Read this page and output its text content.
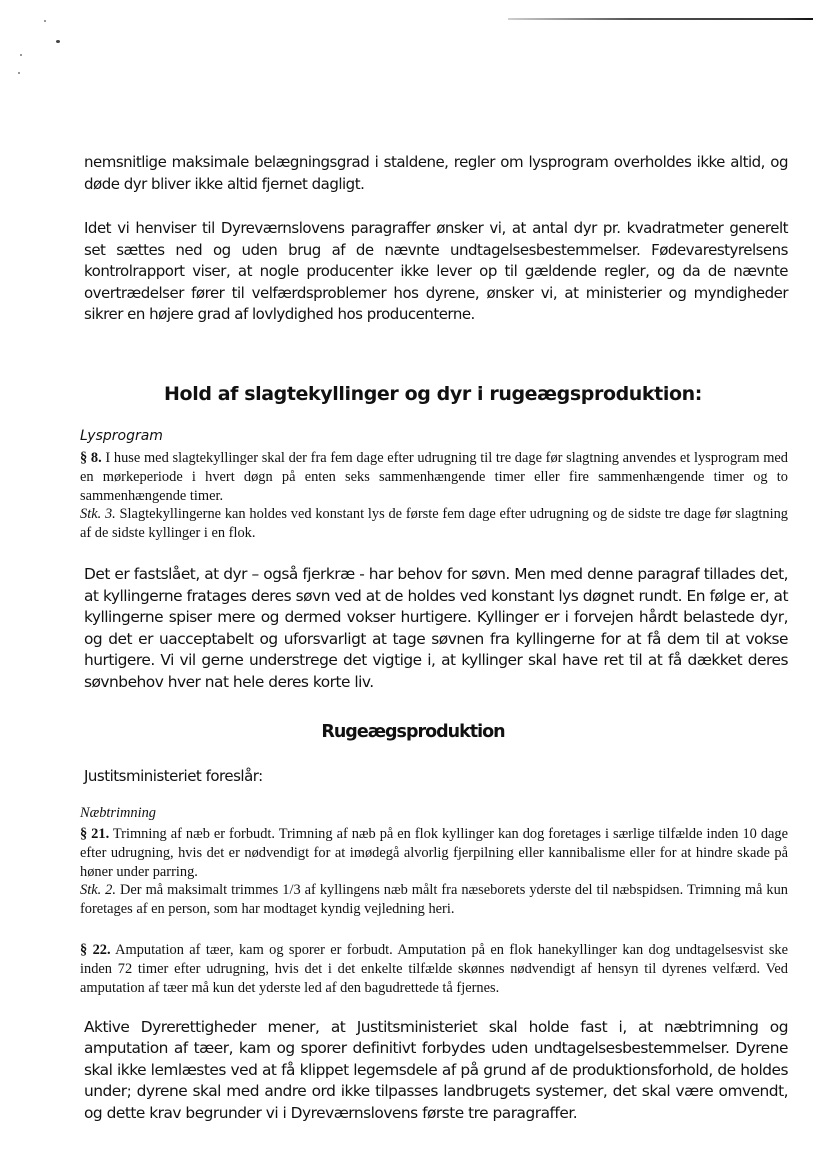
nemsnitlige maksimale belægningsgrad i staldene, regler om lysprogram overholdes ikke altid, og døde dyr bliver ikke altid fjernet dagligt.

Idet vi henviser til Dyreværnslovens paragraffer ønsker vi, at antal dyr pr. kvadratmeter generelt set sættes ned og uden brug af de nævnte undtagelsesbestemmelser. Fødevarestyrelsens kontrolrapport viser, at nogle producenter ikke lever op til gældende regler, og da de nævnte overtrædelser fører til velfærdsproblemer hos dyrene, ønsker vi, at ministerier og myndigheder sikrer en højere grad af lovlydighed hos producenterne.

Hold af slagtekyllinger og dyr i rugeægsproduktion:
Lysprogram

§ 8. I huse med slagtekyllinger skal der fra fem dage efter udrugning til tre dage før slagtning anvendes et lysprogram med en mørkeperiode i hvert døgn på enten seks sammenhængende timer eller fire sammenhængende timer og to sammenhængende timer.
Stk. 3. Slagtekyllingerne kan holdes ved konstant lys de første fem dage efter udrugning og de sidste tre dage før slagtning af de sidste kyllinger i en flok.

Det er fastslået, at dyr – også fjerkræ - har behov for søvn. Men med denne paragraf tillades det, at kyllingerne fratages deres søvn ved at de holdes ved konstant lys døgnet rundt. En følge er, at kyllingerne spiser mere og dermed vokser hurtigere. Kyllinger er i forvejen hårdt belastede dyr, og det er uacceptabelt og uforsvarligt at tage søvnen fra kyllingerne for at få dem til at vokse hurtigere. Vi vil gerne understrege det vigtige i, at kyllinger skal have ret til at få dækket deres søvnbehov hver nat hele deres korte liv.

Rugeægsproduktion

Justitsministeriet foreslår:

Næbtrimning

§ 21. Trimning af næb er forbudt. Trimning af næb på en flok kyllinger kan dog foretages i særlige tilfælde inden 10 dage efter udrugning, hvis det er nødvendigt for at imødegå alvorlig fjerpilning eller kannibalisme eller for at hindre skade på høner under parring.
Stk. 2. Der må maksimalt trimmes 1/3 af kyllingens næb målt fra næseborets yderste del til næbspidsen. Trimning må kun foretages af en person, som har modtaget kyndig vejledning heri.

§ 22. Amputation af tæer, kam og sporer er forbudt. Amputation på en flok hanekyllinger kan dog undtagelsesvist ske inden 72 timer efter udrugning, hvis det i det enkelte tilfælde skønnes nødvendigt af hensyn til dyrenes velfærd. Ved amputation af tæer må kun det yderste led af den bagudrettede tå fjernes.

Aktive Dyrerettigheder mener, at Justitsministeriet skal holde fast i, at næbtrimning og amputation af tæer, kam og sporer definitivt forbydes uden undtagelsesbestemmelser. Dyrene skal ikke lemlæstes ved at få klippet legemsdele af på grund af de produktionsforhold, de holdes under; dyrene skal med andre ord ikke tilpasses landbrugets systemer, det skal være omvendt, og dette krav begrunder vi i Dyreværnslovens første tre paragraffer.
